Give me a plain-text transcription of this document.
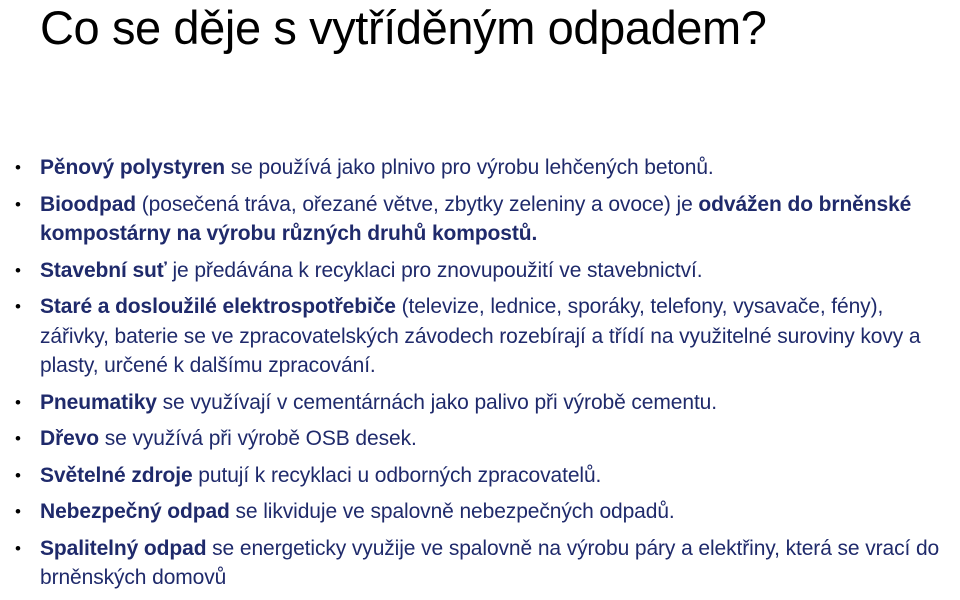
Co se děje s vytříděným odpadem?
• Pěnový polystyren se používá jako plnivo pro výrobu lehčených betonů.
• Bioodpad (posečená tráva, ořezané větve, zbytky zeleniny a ovoce) je odvážen do brněnské kompostárny na výrobu různých druhů kompostů.
• Stavební suť je předávána k recyklaci pro znovupoužití ve stavebnictví.
• Staré a dosloužilé elektrospotřebiče (televize, lednice, sporáky, telefony, vysavače, fény), zářivky, baterie se ve zpracovatelských závodech rozebírají a třídí na využitelné suroviny kovy a plasty, určené k dalšímu zpracování.
• Pneumatiky se využívají v cementárnách jako palivo při výrobě cementu.
• Dřevo se využívá při výrobě OSB desek.
• Světelné zdroje putují k recyklaci u odborných zpracovatelů.
• Nebezpečný odpad se likviduje ve spalovně nebezpečných odpadů.
• Spalitelný odpad se energeticky využije ve spalovně na výrobu páry a elektřiny, která se vrací do brněnských domovů
